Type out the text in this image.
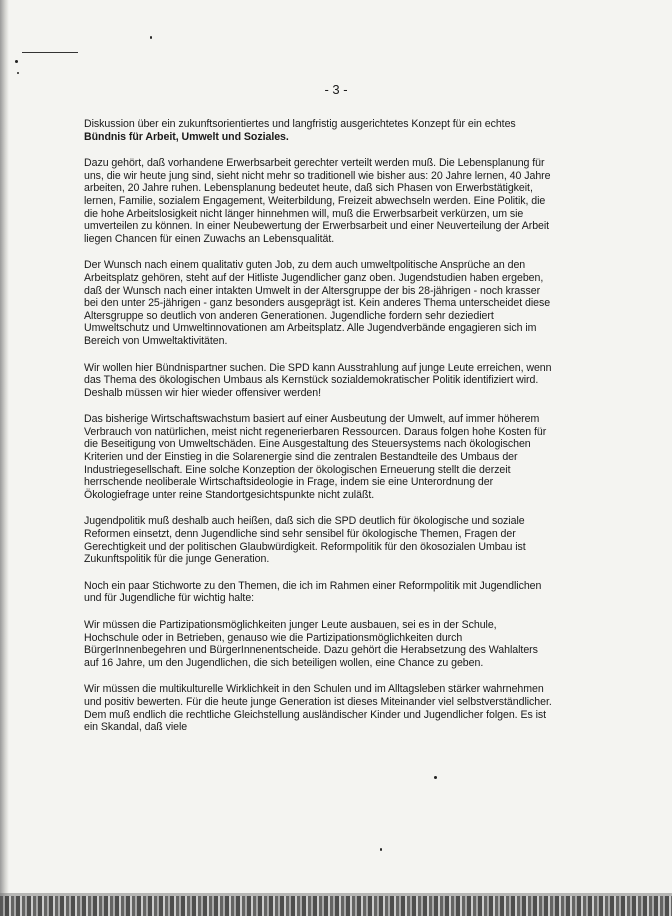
- 3 -

Diskussion über ein zukunftsorientiertes und langfristig ausgerichtetes Konzept für ein echtes Bündnis für Arbeit, Umwelt und Soziales.

Dazu gehört, daß vorhandene Erwerbsarbeit gerechter verteilt werden muß. Die Lebensplanung für uns, die wir heute jung sind, sieht nicht mehr so traditionell wie bisher aus: 20 Jahre lernen, 40 Jahre arbeiten, 20 Jahre ruhen. Lebensplanung bedeutet heute, daß sich Phasen von Erwerbstätigkeit, lernen, Familie, sozialem Engagement, Weiterbildung, Freizeit abwechseln werden. Eine Politik, die die hohe Arbeitslosigkeit nicht länger hinnehmen will, muß die Erwerbsarbeit verkürzen, um sie umverteilen zu können. In einer Neubewertung der Erwerbsarbeit und einer Neuverteilung der Arbeit liegen Chancen für einen Zuwachs an Lebensqualität.

Der Wunsch nach einem qualitativ guten Job, zu dem auch umweltpolitische Ansprüche an den Arbeitsplatz gehören, steht auf der Hitliste Jugendlicher ganz oben. Jugendstudien haben ergeben, daß der Wunsch nach einer intakten Umwelt in der Altersgruppe der bis 28-jährigen - noch krasser bei den unter 25-jährigen - ganz besonders ausgeprägt ist. Kein anderes Thema unterscheidet diese Altersgruppe so deutlich von anderen Generationen. Jugendliche fordern sehr deziediert Umweltschutz und Umweltinnovationen am Arbeitsplatz. Alle Jugendverbände engagieren sich im Bereich von Umweltaktivitäten.

Wir wollen hier Bündnispartner suchen. Die SPD kann Ausstrahlung auf junge Leute erreichen, wenn das Thema des ökologischen Umbaus als Kernstück sozialdemokratischer Politik identifiziert wird. Deshalb müssen wir hier wieder offensiver werden!

Das bisherige Wirtschaftswachstum basiert auf einer Ausbeutung der Umwelt, auf immer höherem Verbrauch von natürlichen, meist nicht regenerierbaren Ressourcen. Daraus folgen hohe Kosten für die Beseitigung von Umweltschäden. Eine Ausgestaltung des Steuersystems nach ökologischen Kriterien und der Einstieg in die Solarenergie sind die zentralen Bestandteile des Umbaus der Industriegesellschaft. Eine solche Konzeption der ökologischen Erneuerung stellt die derzeit herrschende neoliberale Wirtschaftsideologie in Frage, indem sie eine Unterordnung der Ökologiefrage unter reine Standortgesichtspunkte nicht zuläßt.

Jugendpolitik muß deshalb auch heißen, daß sich die SPD deutlich für ökologische und soziale Reformen einsetzt, denn Jugendliche sind sehr sensibel für ökologische Themen, Fragen der Gerechtigkeit und der politischen Glaubwürdigkeit. Reformpolitik für den ökosozialen Umbau ist Zukunftspolitik für die junge Generation.

Noch ein paar Stichworte zu den Themen, die ich im Rahmen einer Reformpolitik mit Jugendlichen und für Jugendliche für wichtig halte:

Wir müssen die Partizipationsmöglichkeiten junger Leute ausbauen, sei es in der Schule, Hochschule oder in Betrieben, genauso wie die Partizipationsmöglichkeiten durch BürgerInnenbegehren und BürgerInnenentscheide. Dazu gehört die Herabsetzung des Wahlalters auf 16 Jahre, um den Jugendlichen, die sich beteiligen wollen, eine Chance zu geben.

Wir müssen die multikulturelle Wirklichkeit in den Schulen und im Alltagsleben stärker wahrnehmen und positiv bewerten. Für die heute junge Generation ist dieses Miteinander viel selbstverständlicher. Dem muß endlich die rechtliche Gleichstellung ausländischer Kinder und Jugendlicher folgen. Es ist ein Skandal, daß viele
